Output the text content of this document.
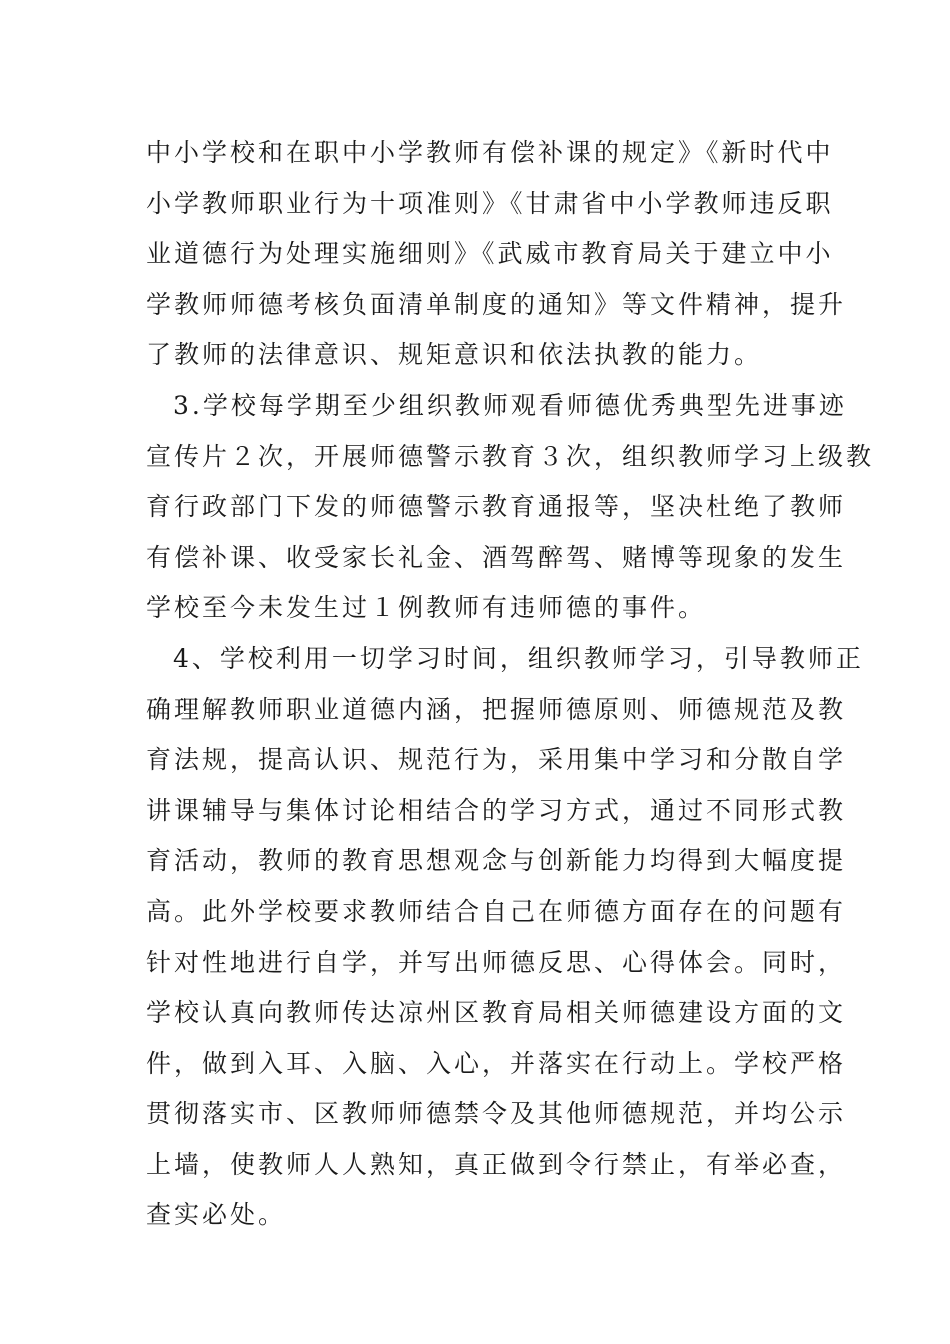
中小学校和在职中小学教师有偿补课的规定》《新时代中
小学教师职业行为十项准则》《甘肃省中小学教师违反职
业道德行为处理实施细则》《武威市教育局关于建立中小
学教师师德考核负面清单制度的通知》等文件精神，提升
了教师的法律意识、规矩意识和依法执教的能力。
3.学校每学期至少组织教师观看师德优秀典型先进事迹
宣传片２次，开展师德警示教育３次，组织教师学习上级教
育行政部门下发的师德警示教育通报等，坚决杜绝了教师
有偿补课、收受家长礼金、酒驾醉驾、赌博等现象的发生
学校至今未发生过１例教师有违师德的事件。
4、学校利用一切学习时间，组织教师学习，引导教师正
确理解教师职业道德内涵，把握师德原则、师德规范及教
育法规，提高认识、规范行为，采用集中学习和分散自学
讲课辅导与集体讨论相结合的学习方式，通过不同形式教
育活动，教师的教育思想观念与创新能力均得到大幅度提
高。此外学校要求教师结合自己在师德方面存在的问题有
针对性地进行自学，并写出师德反思、心得体会。同时，
学校认真向教师传达凉州区教育局相关师德建设方面的文
件，做到入耳、入脑、入心，并落实在行动上。学校严格
贯彻落实市、区教师师德禁令及其他师德规范，并均公示
上墙，使教师人人熟知，真正做到令行禁止，有举必查，
查实必处。
